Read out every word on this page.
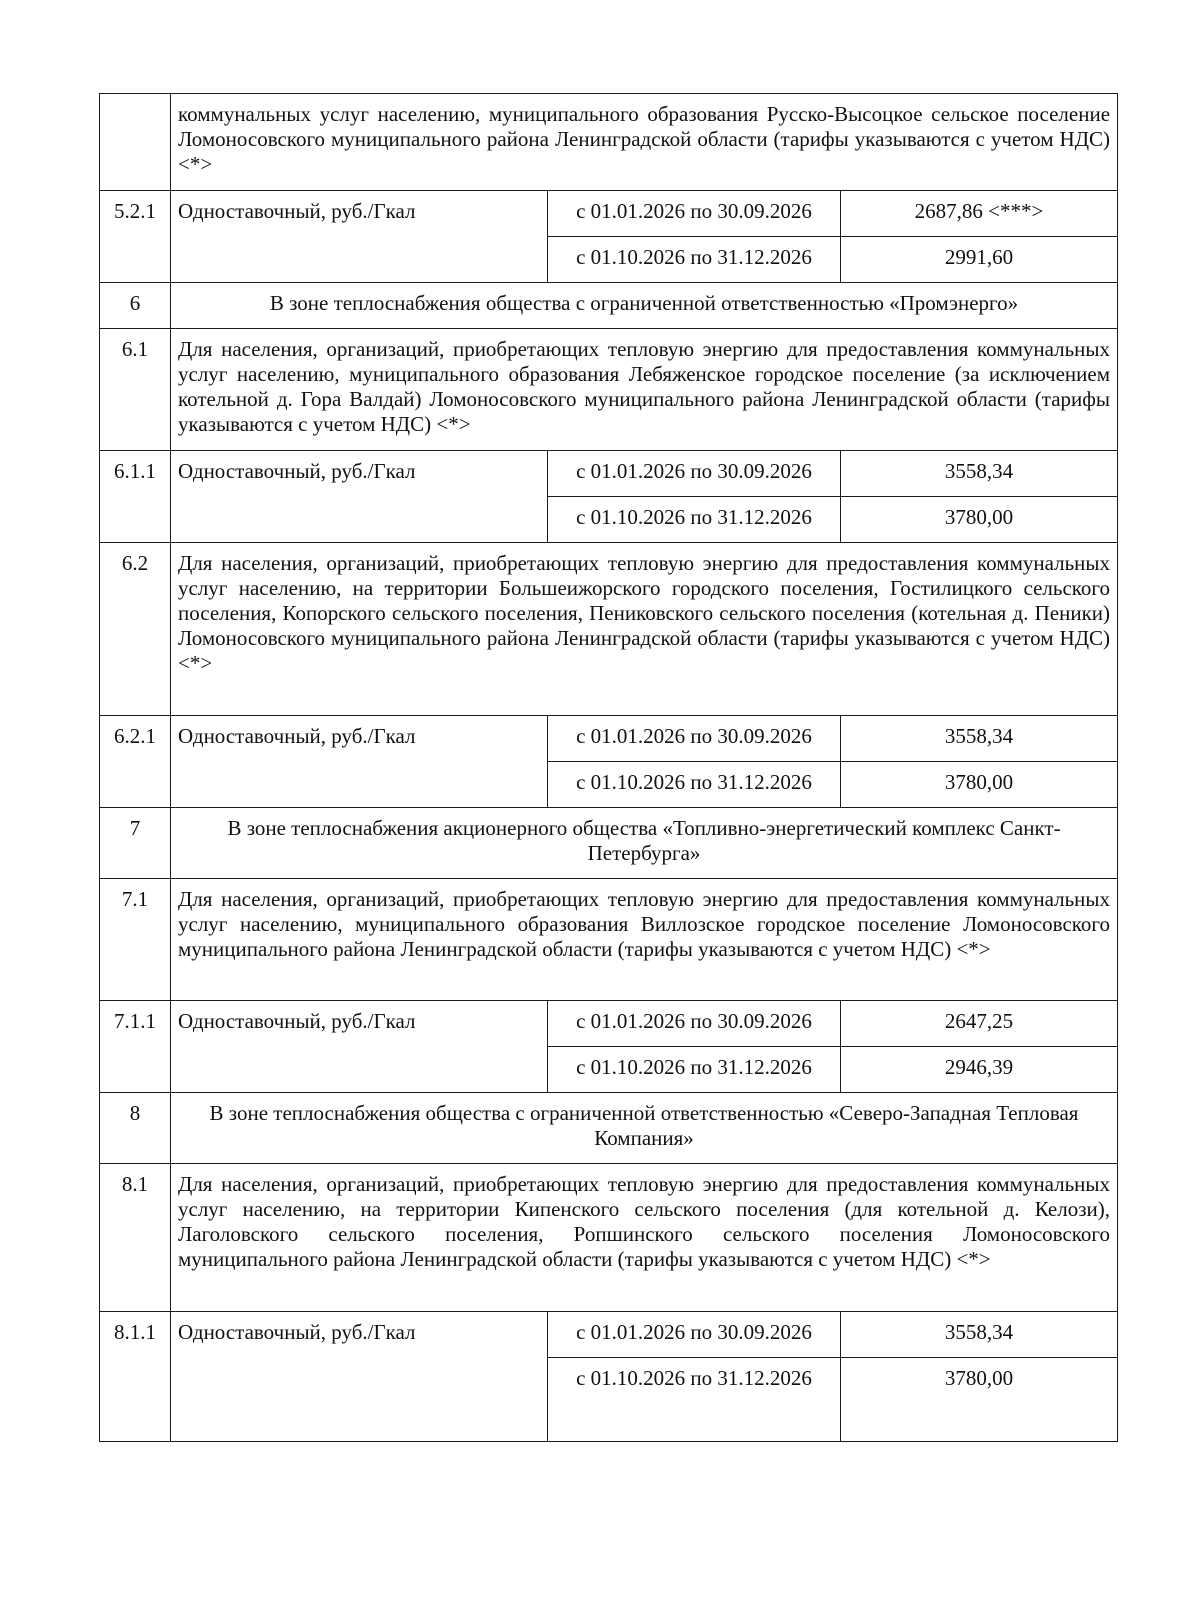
	коммунальных услуг населению, муниципального образования Русско-Высоцкое сельское поселение Ломоносовского муниципального района Ленинградской области (тарифы указываются с учетом НДС) <*>		
5.2.1	Одноставочный, руб./Гкал	с 01.01.2026 по 30.09.2026	2687,86 <***>
		с 01.10.2026 по 31.12.2026	2991,60
6	В зоне теплоснабжения общества с ограниченной ответственностью «Промэнерго»		
6.1	Для населения, организаций, приобретающих тепловую энергию для предоставления коммунальных услуг населению, муниципального образования Лебяженское городское поселение (за исключением котельной д. Гора Валдай) Ломоносовского муниципального района Ленинградской области (тарифы указываются с учетом НДС) <*>		
6.1.1	Одноставочный, руб./Гкал	с 01.01.2026 по 30.09.2026	3558,34
		с 01.10.2026 по 31.12.2026	3780,00
6.2	Для населения, организаций, приобретающих тепловую энергию для предоставления коммунальных услуг населению, на территории Большеижорского городского поселения, Гостилицкого сельского поселения, Копорского сельского поселения, Пениковского сельского поселения (котельная д. Пеники) Ломоносовского муниципального района Ленинградской области (тарифы указываются с учетом НДС) <*>		
6.2.1	Одноставочный, руб./Гкал	с 01.01.2026 по 30.09.2026	3558,34
		с 01.10.2026 по 31.12.2026	3780,00
7	В зоне теплоснабжения акционерного общества «Топливно-энергетический комплекс Санкт-Петербурга»		
7.1	Для населения, организаций, приобретающих тепловую энергию для предоставления коммунальных услуг населению, муниципального образования Виллозское городское поселение Ломоносовского муниципального района Ленинградской области (тарифы указываются с учетом НДС) <*>		
7.1.1	Одноставочный, руб./Гкал	с 01.01.2026 по 30.09.2026	2647,25
		с 01.10.2026 по 31.12.2026	2946,39
8	В зоне теплоснабжения общества с ограниченной ответственностью «Северо-Западная Тепловая Компания»		
8.1	Для населения, организаций, приобретающих тепловую энергию для предоставления коммунальных услуг населению, на территории Кипенского сельского поселения (для котельной д. Келози), Лаголовского сельского поселения, Ропшинского сельского поселения Ломоносовского муниципального района Ленинградской области (тарифы указываются с учетом НДС) <*>		
8.1.1	Одноставочный, руб./Гкал	с 01.01.2026 по 30.09.2026	3558,34
		с 01.10.2026 по 31.12.2026	3780,00
